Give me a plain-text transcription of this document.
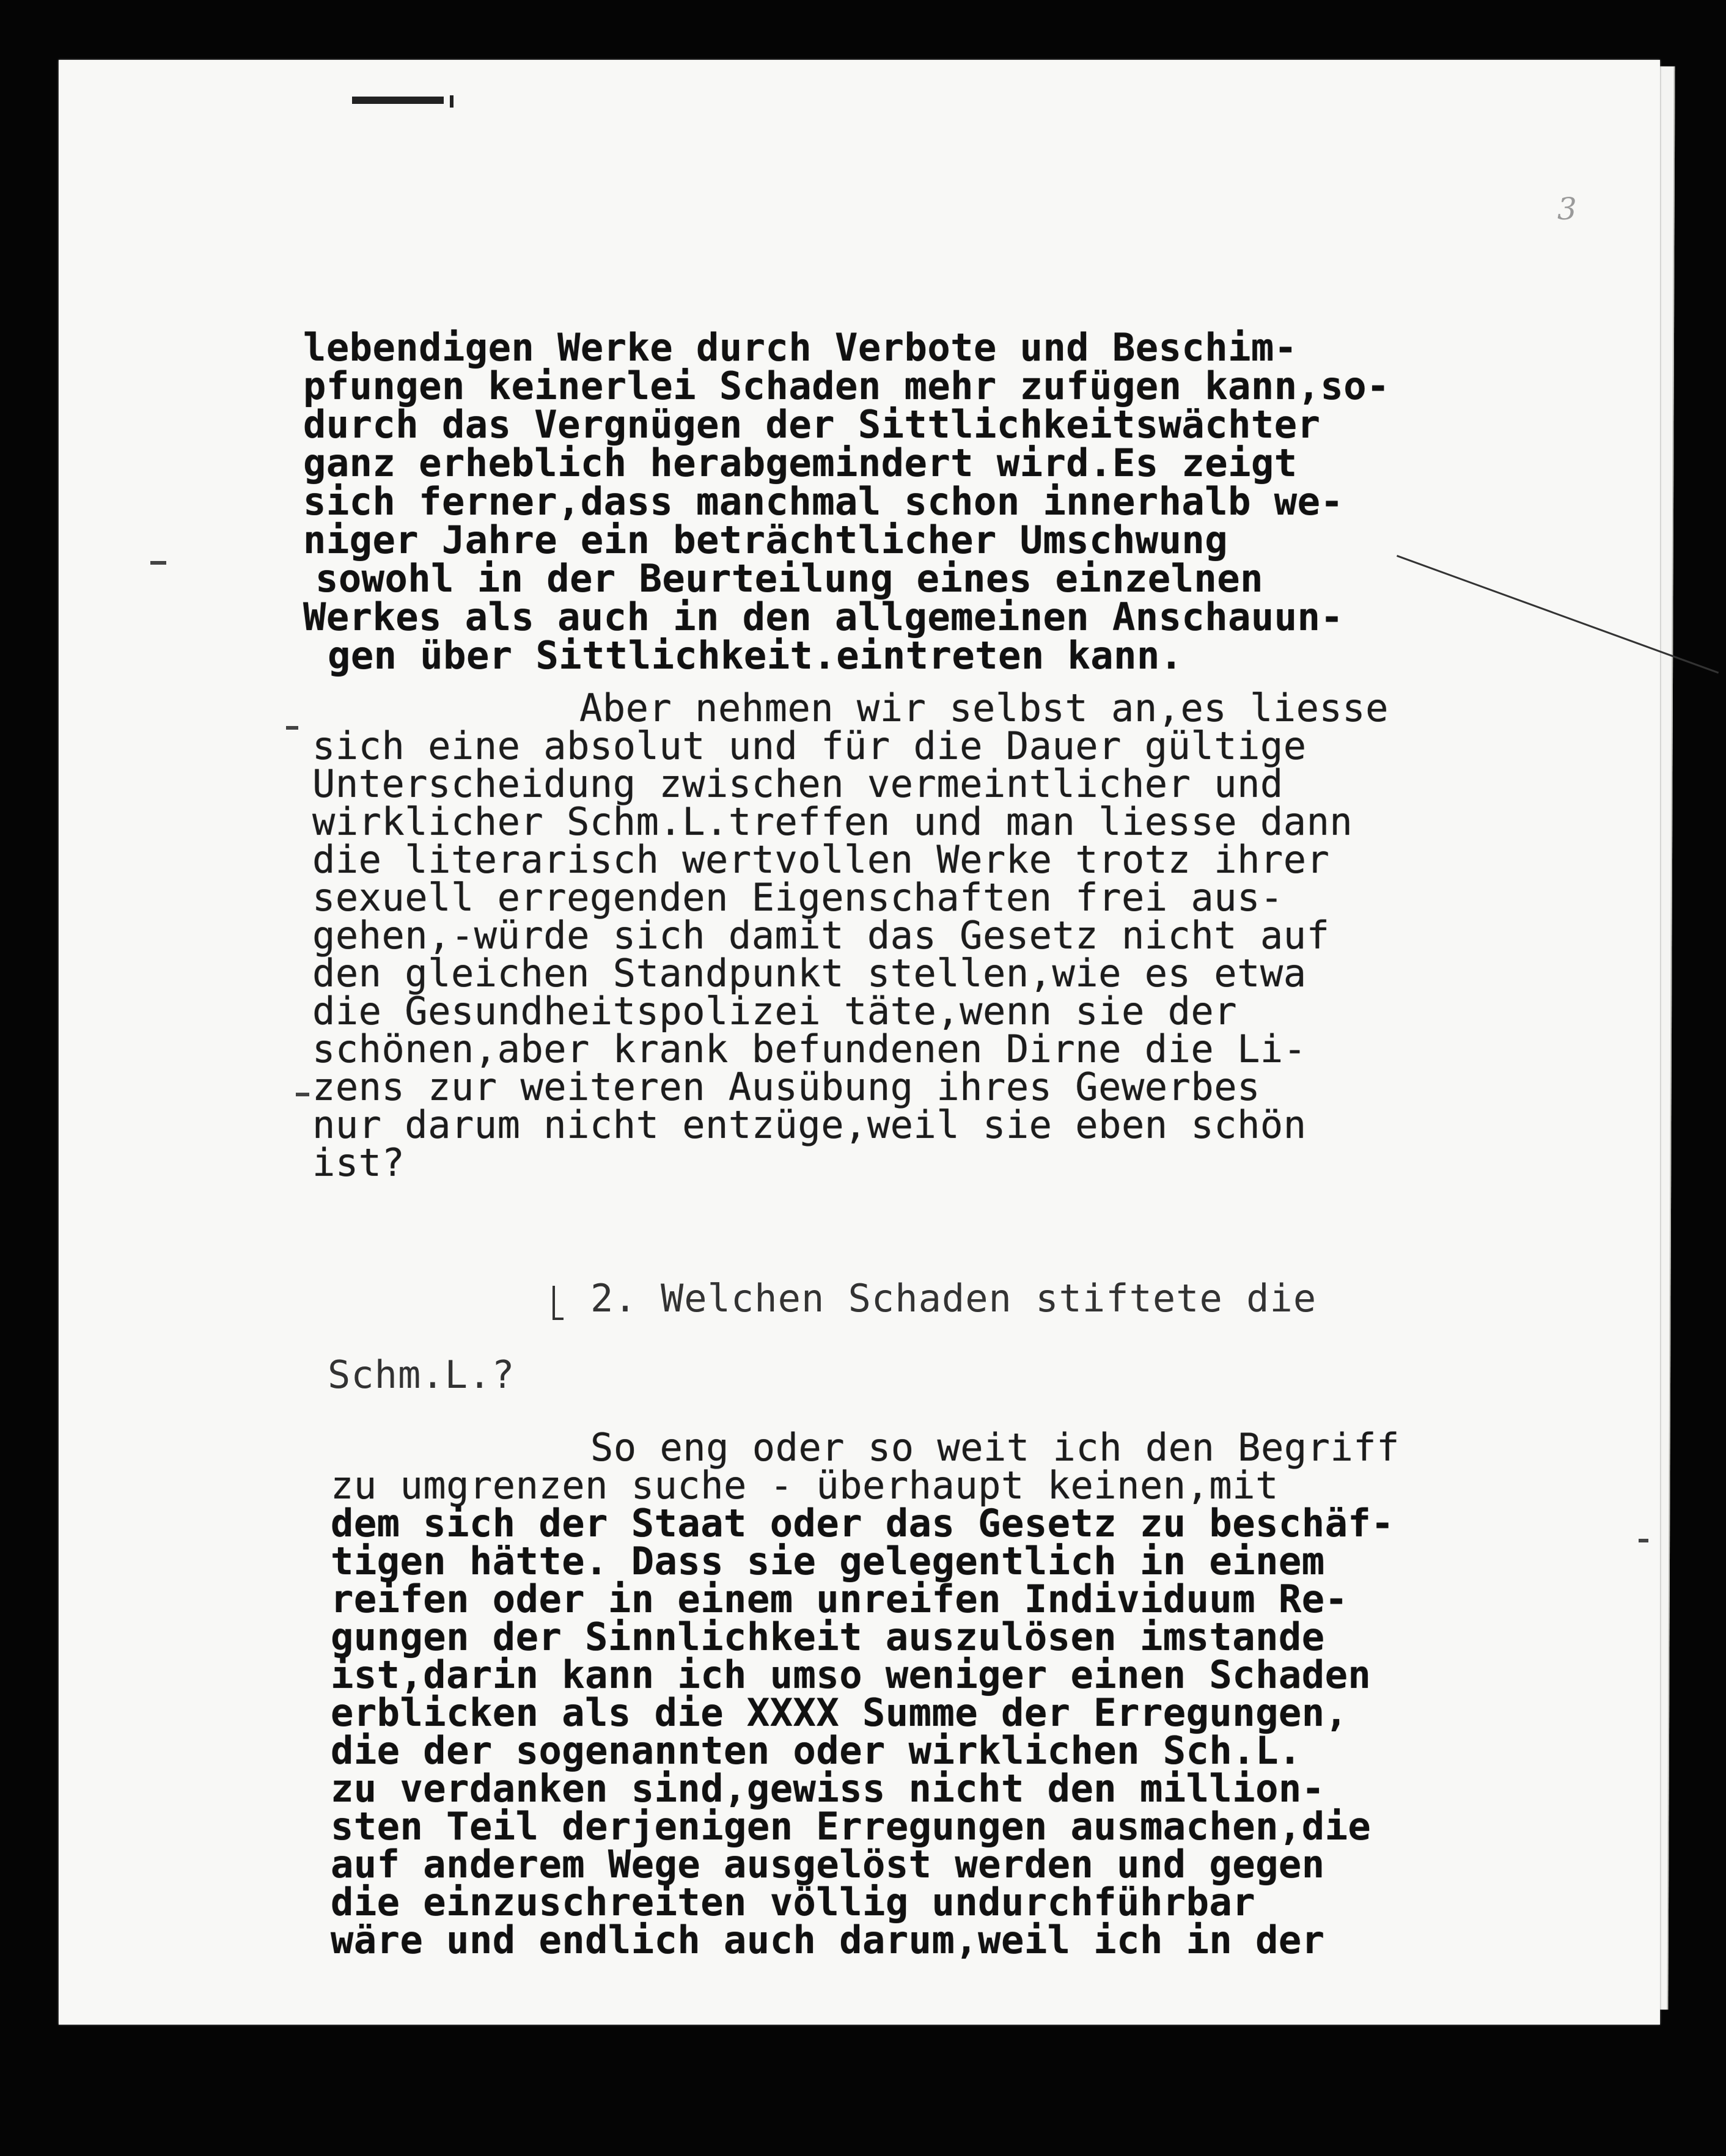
3
lebendigen Werke durch Verbote und Beschim-
pfungen keinerlei Schaden mehr zufügen kann,so-
durch das Vergnügen der Sittlichkeitswächter
ganz erheblich herabgemindert wird.Es zeigt
sich ferner,dass manchmal schon innerhalb we-
niger Jahre ein beträchtlicher Umschwung
sowohl in der Beurteilung eines einzelnen
Werkes als auch in den allgemeinen Anschauun-
gen über Sittlichkeit.eintreten kann.
Aber nehmen wir selbst an,es liesse
sich eine absolut und für die Dauer gültige
Unterscheidung zwischen vermeintlicher und
wirklicher Schm.L.treffen und man liesse dann
die literarisch wertvollen Werke trotz ihrer
sexuell erregenden Eigenschaften frei aus-
gehen,-würde sich damit das Gesetz nicht auf
den gleichen Standpunkt stellen,wie es etwa
die Gesundheitspolizei täte,wenn sie der
schönen,aber krank befundenen Dirne die Li-
zens zur weiteren Ausübung ihres Gewerbes
nur darum nicht entzüge,weil sie eben schön
ist?
2. Welchen Schaden stiftete die
Schm.L.?
So eng oder so weit ich den Begriff
zu umgrenzen suche - überhaupt keinen,mit
dem sich der Staat oder das Gesetz zu beschäf-
tigen hätte. Dass sie gelegentlich in einem
reifen oder in einem unreifen Individuum Re-
gungen der Sinnlichkeit auszulösen imstande
ist,darin kann ich umso weniger einen Schaden
erblicken als die XXXX Summe der Erregungen,
die der sogenannten oder wirklichen Sch.L.
zu verdanken sind,gewiss nicht den million-
sten Teil derjenigen Erregungen ausmachen,die
auf anderem Wege ausgelöst werden und gegen
die einzuschreiten völlig undurchführbar
wäre und endlich auch darum,weil ich in der
